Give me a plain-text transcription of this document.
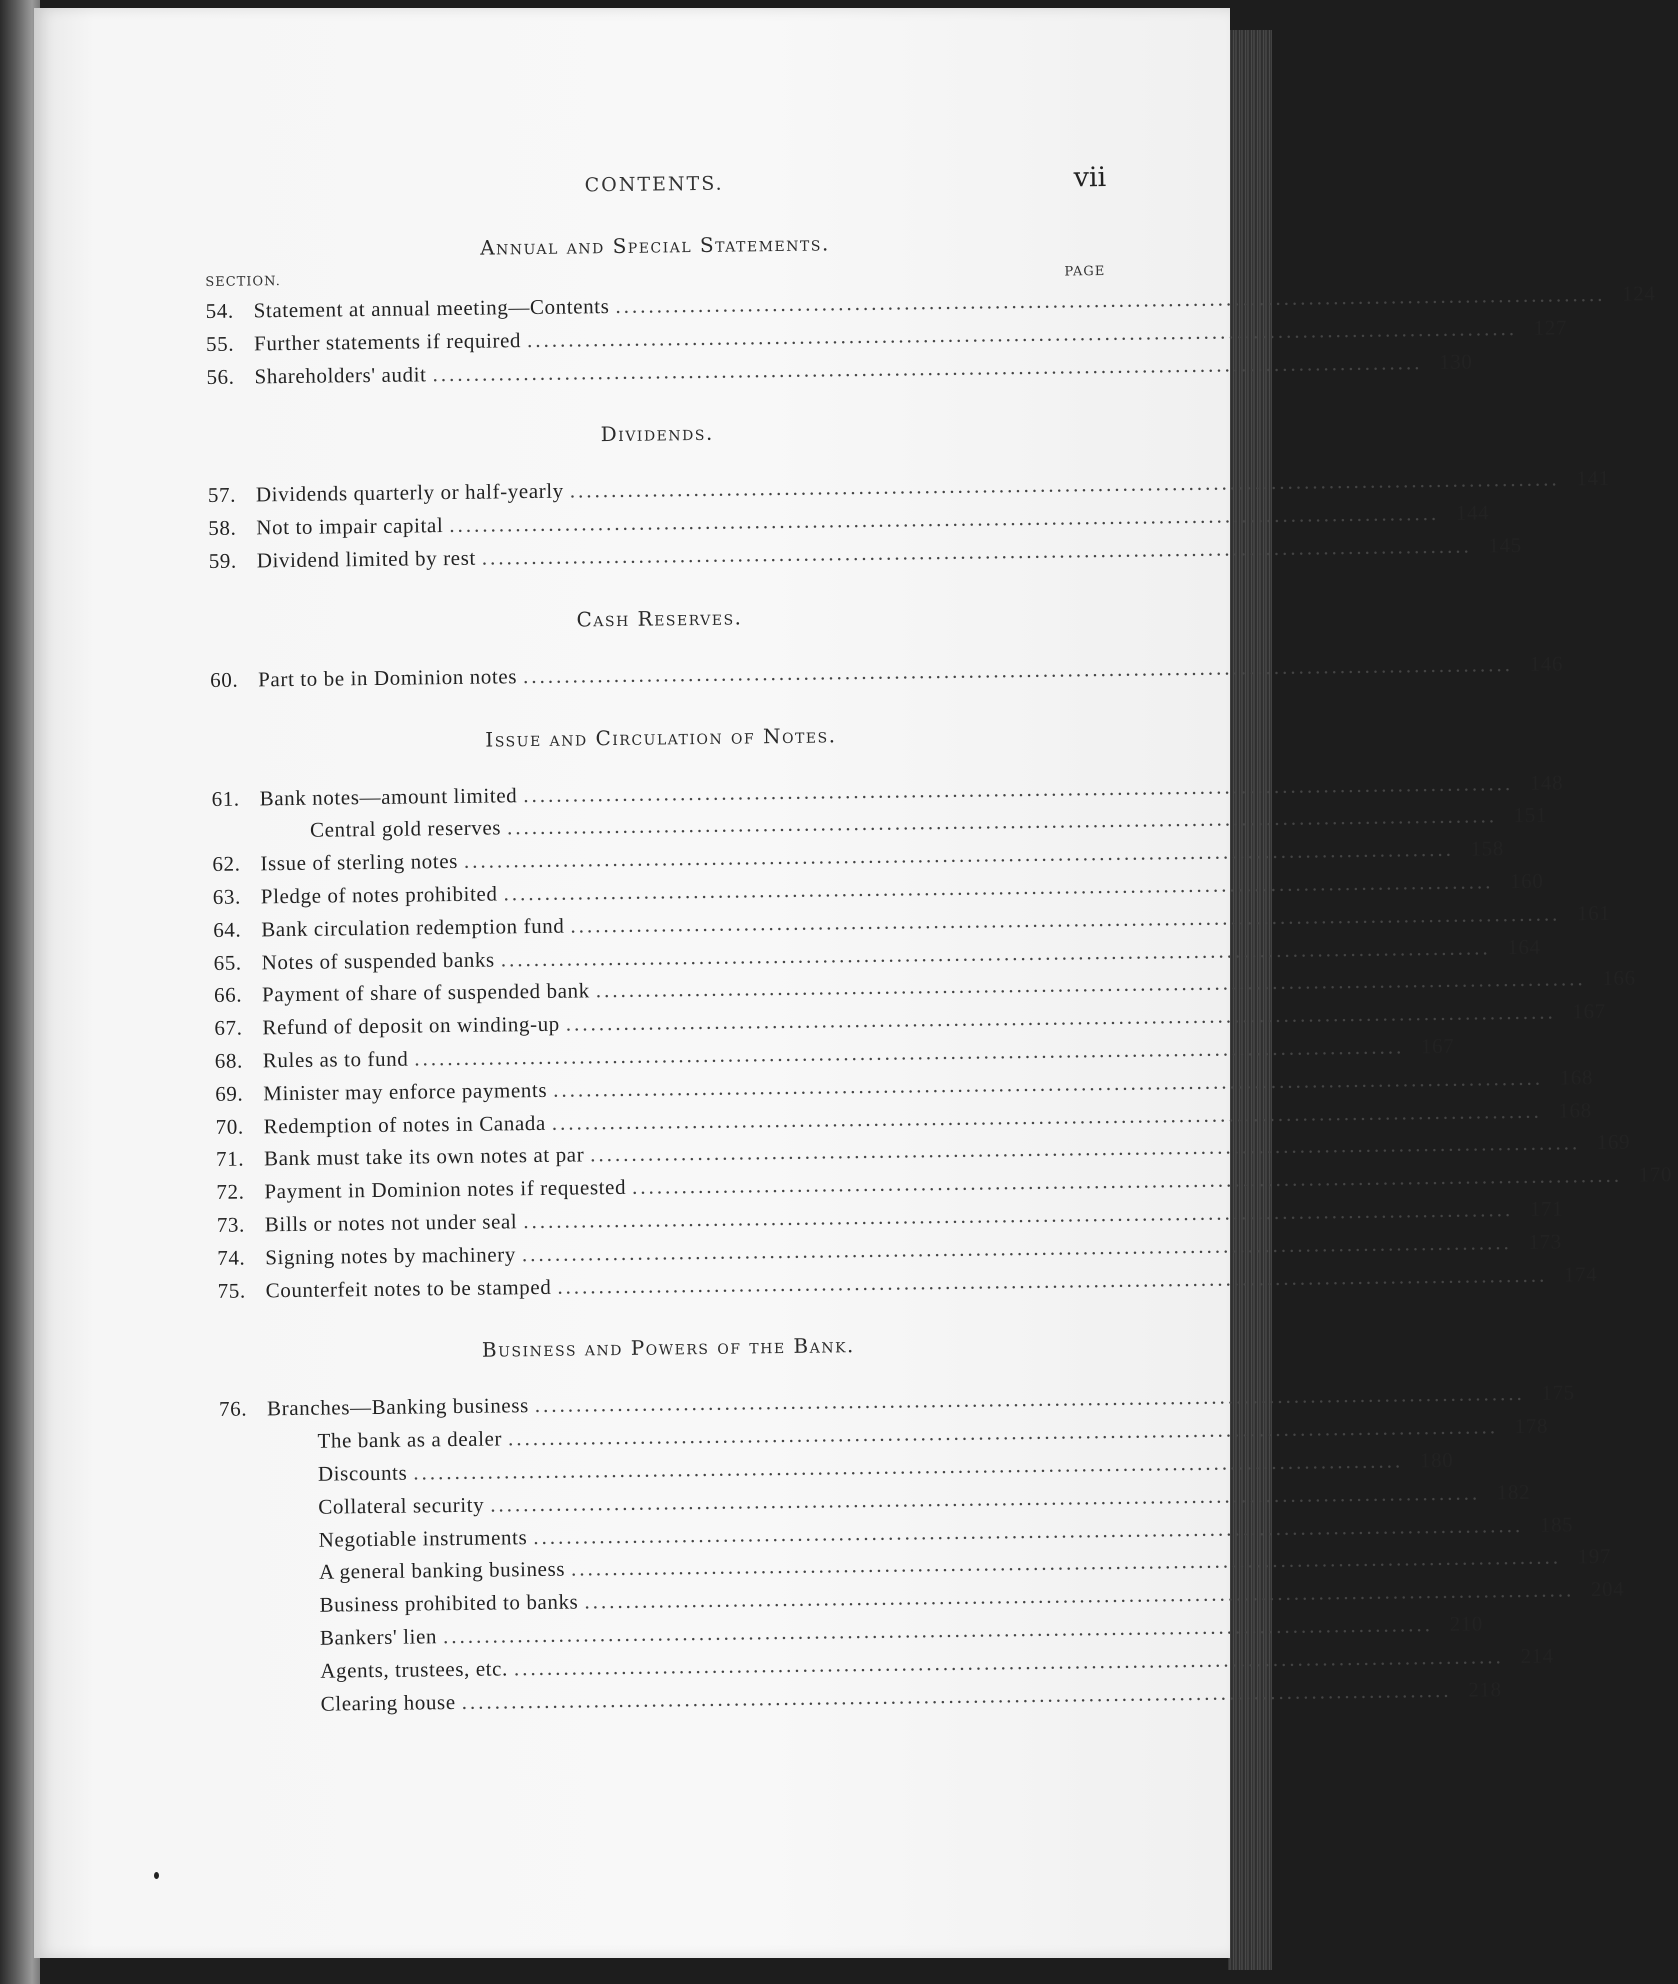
CONTENTS.	vii
Annual and Special Statements.
SECTION.
PAGE
54. Statement at annual meeting—Contents ........................................................................................................................ 124
55. Further statements if required ........................................................................................................................ 127
56. Shareholders' audit ........................................................................................................................ 130
Dividends.
57. Dividends quarterly or half-yearly ........................................................................................................................ 141
58. Not to impair capital ........................................................................................................................ 144
59. Dividend limited by rest ........................................................................................................................ 145
Cash Reserves.
60. Part to be in Dominion notes ........................................................................................................................ 146
Issue and Circulation of Notes.
61. Bank notes—amount limited ........................................................................................................................ 148
Central gold reserves ........................................................................................................................ 151
62. Issue of sterling notes ........................................................................................................................ 158
63. Pledge of notes prohibited ........................................................................................................................ 160
64. Bank circulation redemption fund ........................................................................................................................ 161
65. Notes of suspended banks ........................................................................................................................ 164
66. Payment of share of suspended bank ........................................................................................................................ 166
67. Refund of deposit on winding-up ........................................................................................................................ 167
68. Rules as to fund ........................................................................................................................ 167
69. Minister may enforce payments ........................................................................................................................ 168
70. Redemption of notes in Canada ........................................................................................................................ 168
71. Bank must take its own notes at par ........................................................................................................................ 169
72. Payment in Dominion notes if requested ........................................................................................................................ 170
73. Bills or notes not under seal ........................................................................................................................ 171
74. Signing notes by machinery ........................................................................................................................ 173
75. Counterfeit notes to be stamped ........................................................................................................................ 174
Business and Powers of the Bank.
76. Branches—Banking business ........................................................................................................................ 175
The bank as a dealer ........................................................................................................................ 178
Discounts ........................................................................................................................ 180
Collateral security ........................................................................................................................ 182
Negotiable instruments ........................................................................................................................ 185
A general banking business ........................................................................................................................ 197
Business prohibited to banks ........................................................................................................................ 204
Bankers' lien ........................................................................................................................ 210
Agents, trustees, etc. ........................................................................................................................ 214
Clearing house ........................................................................................................................ 218
